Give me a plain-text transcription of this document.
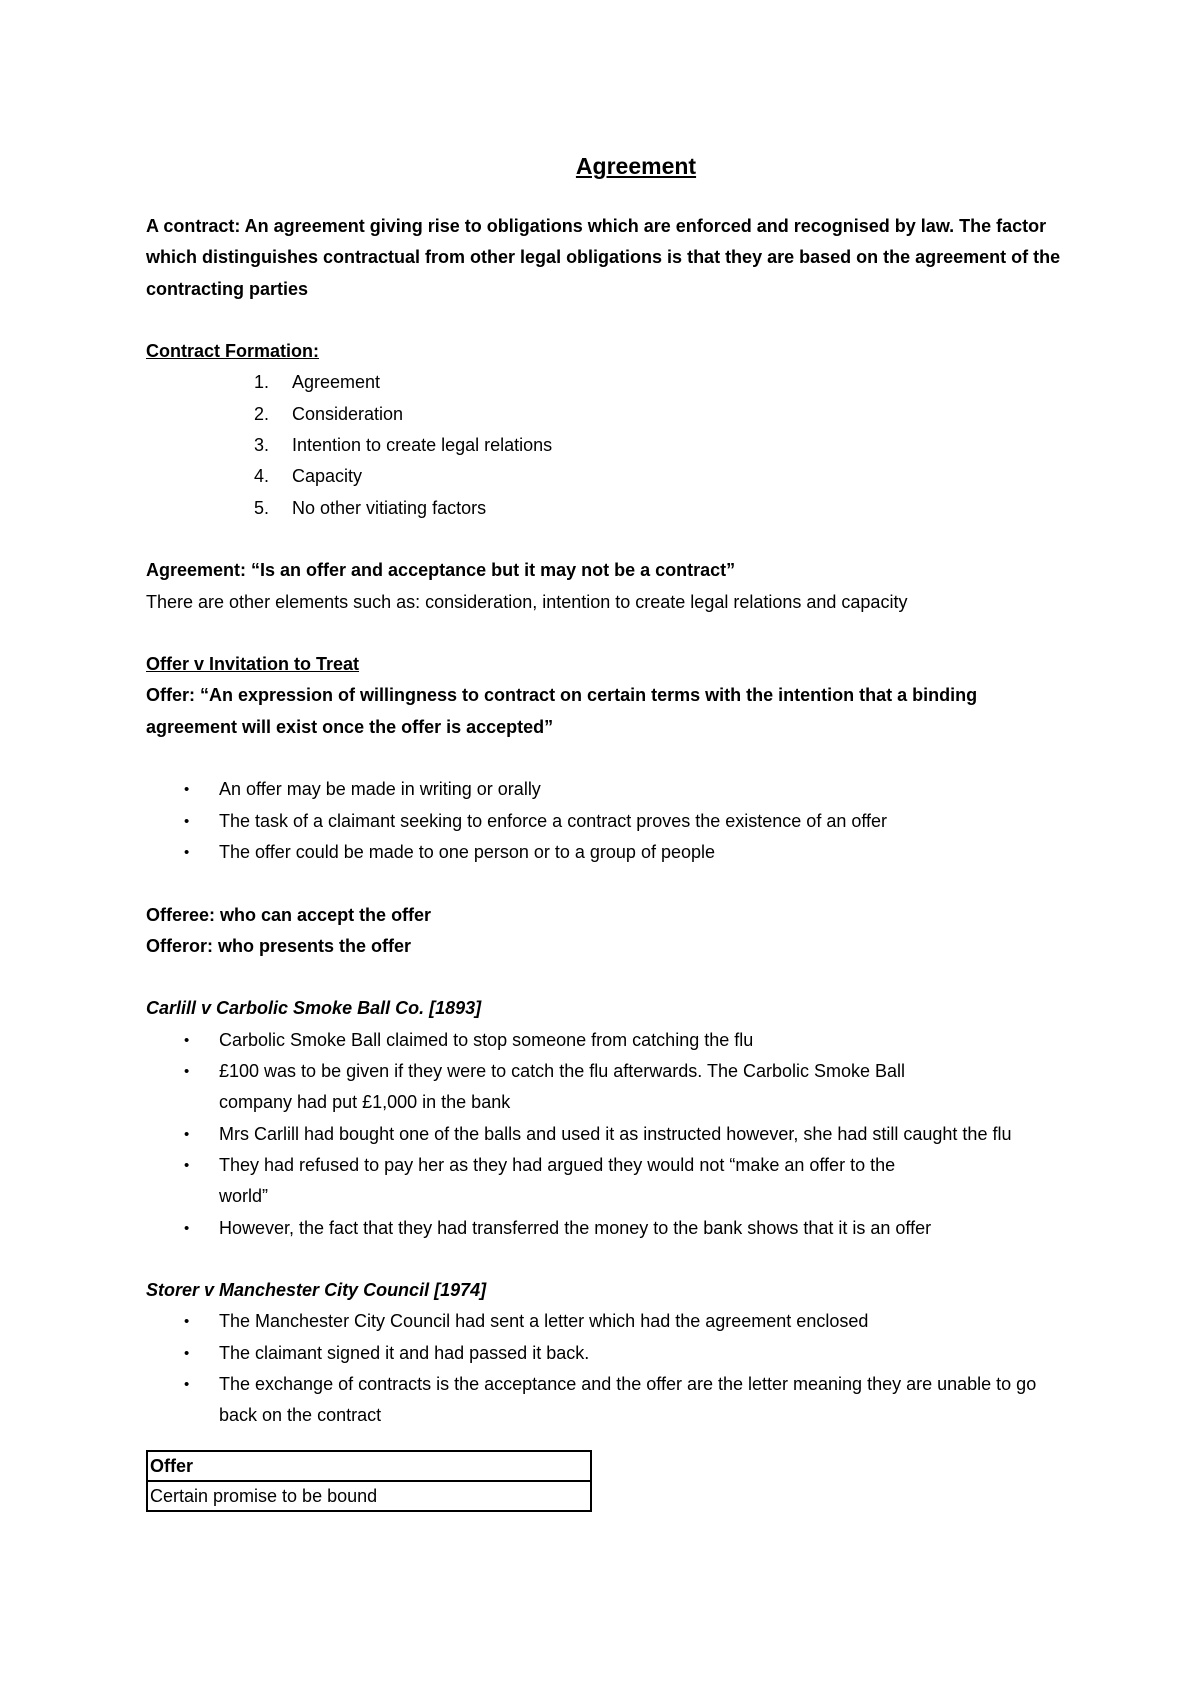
Agreement
A contract: An agreement giving rise to obligations which are enforced and recognised by law. The factor which distinguishes contractual from other legal obligations is that they are based on the agreement of the contracting parties
Contract Formation:
1. Agreement
2. Consideration
3. Intention to create legal relations
4. Capacity
5. No other vitiating factors
Agreement: “Is an offer and acceptance but it may not be a contract”
There are other elements such as: consideration, intention to create legal relations and capacity
Offer v Invitation to Treat
Offer: “An expression of willingness to contract on certain terms with the intention that a binding agreement will exist once the offer is accepted”
• An offer may be made in writing or orally
• The task of a claimant seeking to enforce a contract proves the existence of an offer
• The offer could be made to one person or to a group of people
Offeree: who can accept the offer
Offeror: who presents the offer
Carlill v Carbolic Smoke Ball Co. [1893]
• Carbolic Smoke Ball claimed to stop someone from catching the flu
• £100 was to be given if they were to catch the flu afterwards. The Carbolic Smoke Ball company had put £1,000 in the bank
• Mrs Carlill had bought one of the balls and used it as instructed however, she had still caught the flu
• They had refused to pay her as they had argued they would not “make an offer to the world”
• However, the fact that they had transferred the money to the bank shows that it is an offer
Storer v Manchester City Council [1974]
• The Manchester City Council had sent a letter which had the agreement enclosed
• The claimant signed it and had passed it back.
• The exchange of contracts is the acceptance and the offer are the letter meaning they are unable to go back on the contract
Offer
Certain promise to be bound
